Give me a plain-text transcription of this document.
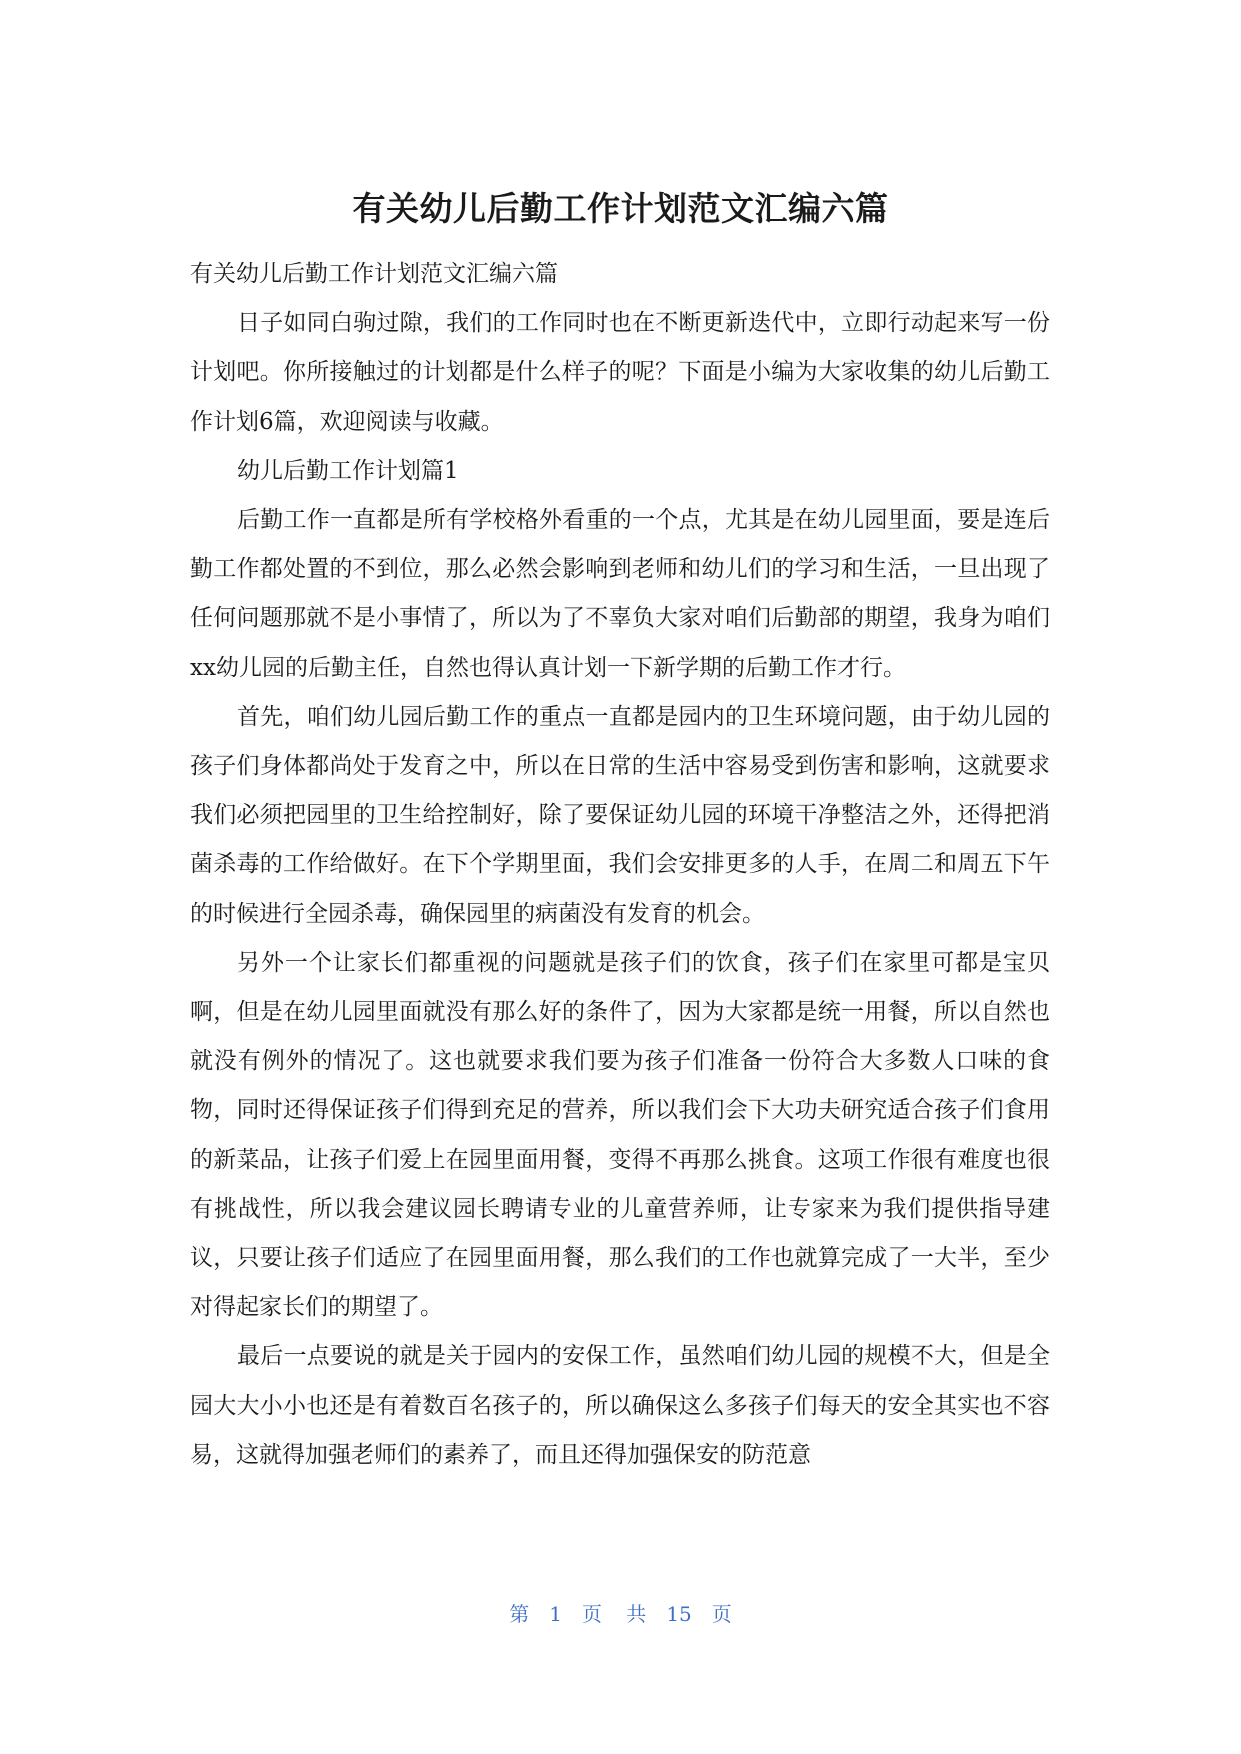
有关幼儿后勤工作计划范文汇编六篇

有关幼儿后勤工作计划范文汇编六篇

日子如同白驹过隙，我们的工作同时也在不断更新迭代中，立即行动起来写一份计划吧。你所接触过的计划都是什么样子的呢？下面是小编为大家收集的幼儿后勤工作计划6篇，欢迎阅读与收藏。

幼儿后勤工作计划篇1

后勤工作一直都是所有学校格外看重的一个点，尤其是在幼儿园里面，要是连后勤工作都处置的不到位，那么必然会影响到老师和幼儿们的学习和生活，一旦出现了任何问题那就不是小事情了，所以为了不辜负大家对咱们后勤部的期望，我身为咱们xx幼儿园的后勤主任，自然也得认真计划一下新学期的后勤工作才行。

首先，咱们幼儿园后勤工作的重点一直都是园内的卫生环境问题，由于幼儿园的孩子们身体都尚处于发育之中，所以在日常的生活中容易受到伤害和影响，这就要求我们必须把园里的卫生给控制好，除了要保证幼儿园的环境干净整洁之外，还得把消菌杀毒的工作给做好。在下个学期里面，我们会安排更多的人手，在周二和周五下午的时候进行全园杀毒，确保园里的病菌没有发育的机会。

另外一个让家长们都重视的问题就是孩子们的饮食，孩子们在家里可都是宝贝啊，但是在幼儿园里面就没有那么好的条件了，因为大家都是统一用餐，所以自然也就没有例外的情况了。这也就要求我们要为孩子们准备一份符合大多数人口味的食物，同时还得保证孩子们得到充足的营养，所以我们会下大功夫研究适合孩子们食用的新菜品，让孩子们爱上在园里面用餐，变得不再那么挑食。这项工作很有难度也很有挑战性，所以我会建议园长聘请专业的儿童营养师，让专家来为我们提供指导建议，只要让孩子们适应了在园里面用餐，那么我们的工作也就算完成了一大半，至少对得起家长们的期望了。

最后一点要说的就是关于园内的安保工作，虽然咱们幼儿园的规模不大，但是全园大大小小也还是有着数百名孩子的，所以确保这么多孩子们每天的安全其实也不容易，这就得加强老师们的素养了，而且还得加强保安的防范意

第 1 页 共 15 页
